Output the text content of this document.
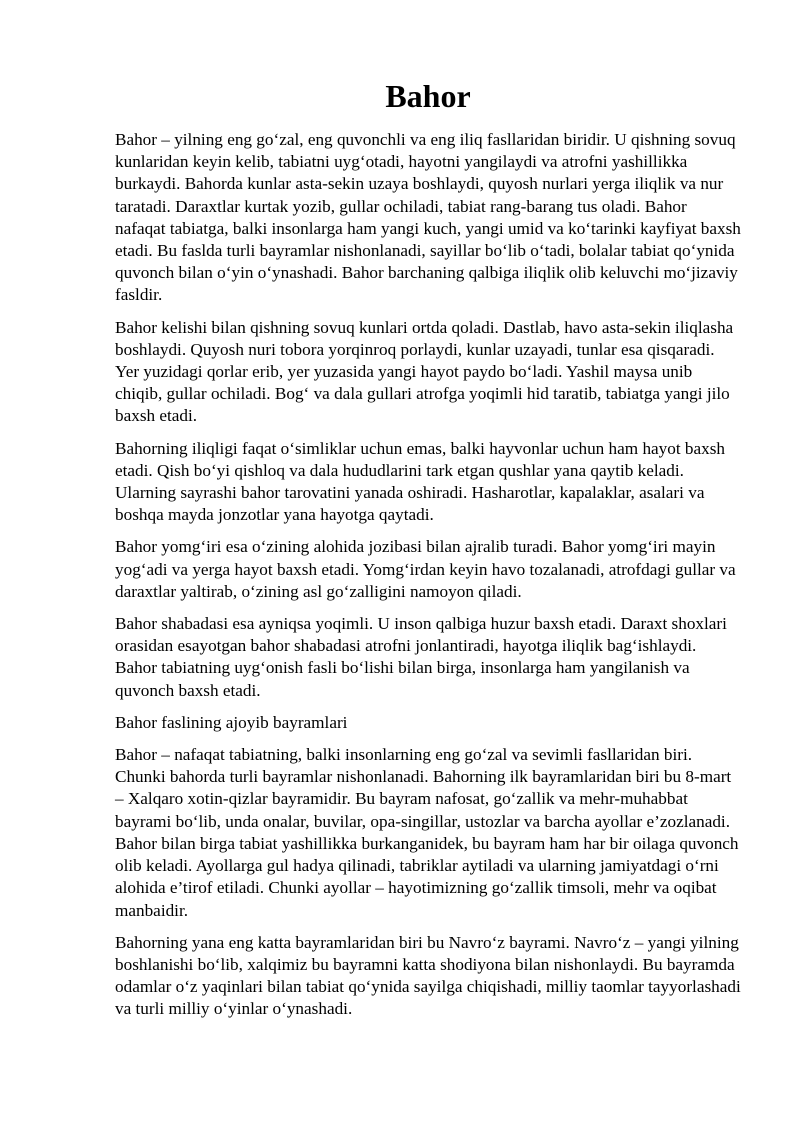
Bahor

Bahor – yilning eng go‘zal, eng quvonchli va eng iliq fasllaridan biridir. U qishning sovuq kunlaridan keyin kelib, tabiatni uyg‘otadi, hayotni yangilaydi va atrofni yashillikka burkaydi. Bahorda kunlar asta-sekin uzaya boshlaydi, quyosh nurlari yerga iliqlik va nur taratadi. Daraxtlar kurtak yozib, gullar ochiladi, tabiat rang-barang tus oladi. Bahor nafaqat tabiatga, balki insonlarga ham yangi kuch, yangi umid va ko‘tarinki kayfiyat baxsh etadi. Bu faslda turli bayramlar nishonlanadi, sayillar bo‘lib o‘tadi, bolalar tabiat qo‘ynida quvonch bilan o‘yin o‘ynashadi. Bahor barchaning qalbiga iliqlik olib keluvchi mo‘jizaviy fasldir.

Bahor kelishi bilan qishning sovuq kunlari ortda qoladi. Dastlab, havo asta-sekin iliqlasha boshlaydi. Quyosh nuri tobora yorqinroq porlaydi, kunlar uzayadi, tunlar esa qisqaradi. Yer yuzidagi qorlar erib, yer yuzasida yangi hayot paydo bo‘ladi. Yashil maysa unib chiqib, gullar ochiladi. Bog‘ va dala gullari atrofga yoqimli hid taratib, tabiatga yangi jilo baxsh etadi.

Bahorning iliqligi faqat o‘simliklar uchun emas, balki hayvonlar uchun ham hayot baxsh etadi. Qish bo‘yi qishloq va dala hududlarini tark etgan qushlar yana qaytib keladi. Ularning sayrashi bahor tarovatini yanada oshiradi. Hasharotlar, kapalaklar, asalari va boshqa mayda jonzotlar yana hayotga qaytadi.

Bahor yomg‘iri esa o‘zining alohida jozibasi bilan ajralib turadi. Bahor yomg‘iri mayin yog‘adi va yerga hayot baxsh etadi. Yomg‘irdan keyin havo tozalanadi, atrofdagi gullar va daraxtlar yaltirab, o‘zining asl go‘zalligini namoyon qiladi.

Bahor shabadasi esa ayniqsa yoqimli. U inson qalbiga huzur baxsh etadi. Daraxt shoxlari orasidan esayotgan bahor shabadasi atrofni jonlantiradi, hayotga iliqlik bag‘ishlaydi. Bahor tabiatning uyg‘onish fasli bo‘lishi bilan birga, insonlarga ham yangilanish va quvonch baxsh etadi.

Bahor faslining ajoyib bayramlari

Bahor – nafaqat tabiatning, balki insonlarning eng go‘zal va sevimli fasllaridan biri. Chunki bahorda turli bayramlar nishonlanadi. Bahorning ilk bayramlaridan biri bu 8-mart – Xalqaro xotin-qizlar bayramidir. Bu bayram nafosat, go‘zallik va mehr-muhabbat bayrami bo‘lib, unda onalar, buvilar, opa-singillar, ustozlar va barcha ayollar e’zozlanadi. Bahor bilan birga tabiat yashillikka burkanganidek, bu bayram ham har bir oilaga quvonch olib keladi. Ayollarga gul hadya qilinadi, tabriklar aytiladi va ularning jamiyatdagi o‘rni alohida e’tirof etiladi. Chunki ayollar – hayotimizning go‘zallik timsoli, mehr va oqibat manbaidir.

Bahorning yana eng katta bayramlaridan biri bu Navro‘z bayrami. Navro‘z – yangi yilning boshlanishi bo‘lib, xalqimiz bu bayramni katta shodiyona bilan nishonlaydi. Bu bayramda odamlar o‘z yaqinlari bilan tabiat qo‘ynida sayilga chiqishadi, milliy taomlar tayyorlashadi va turli milliy o‘yinlar o‘ynashadi.
